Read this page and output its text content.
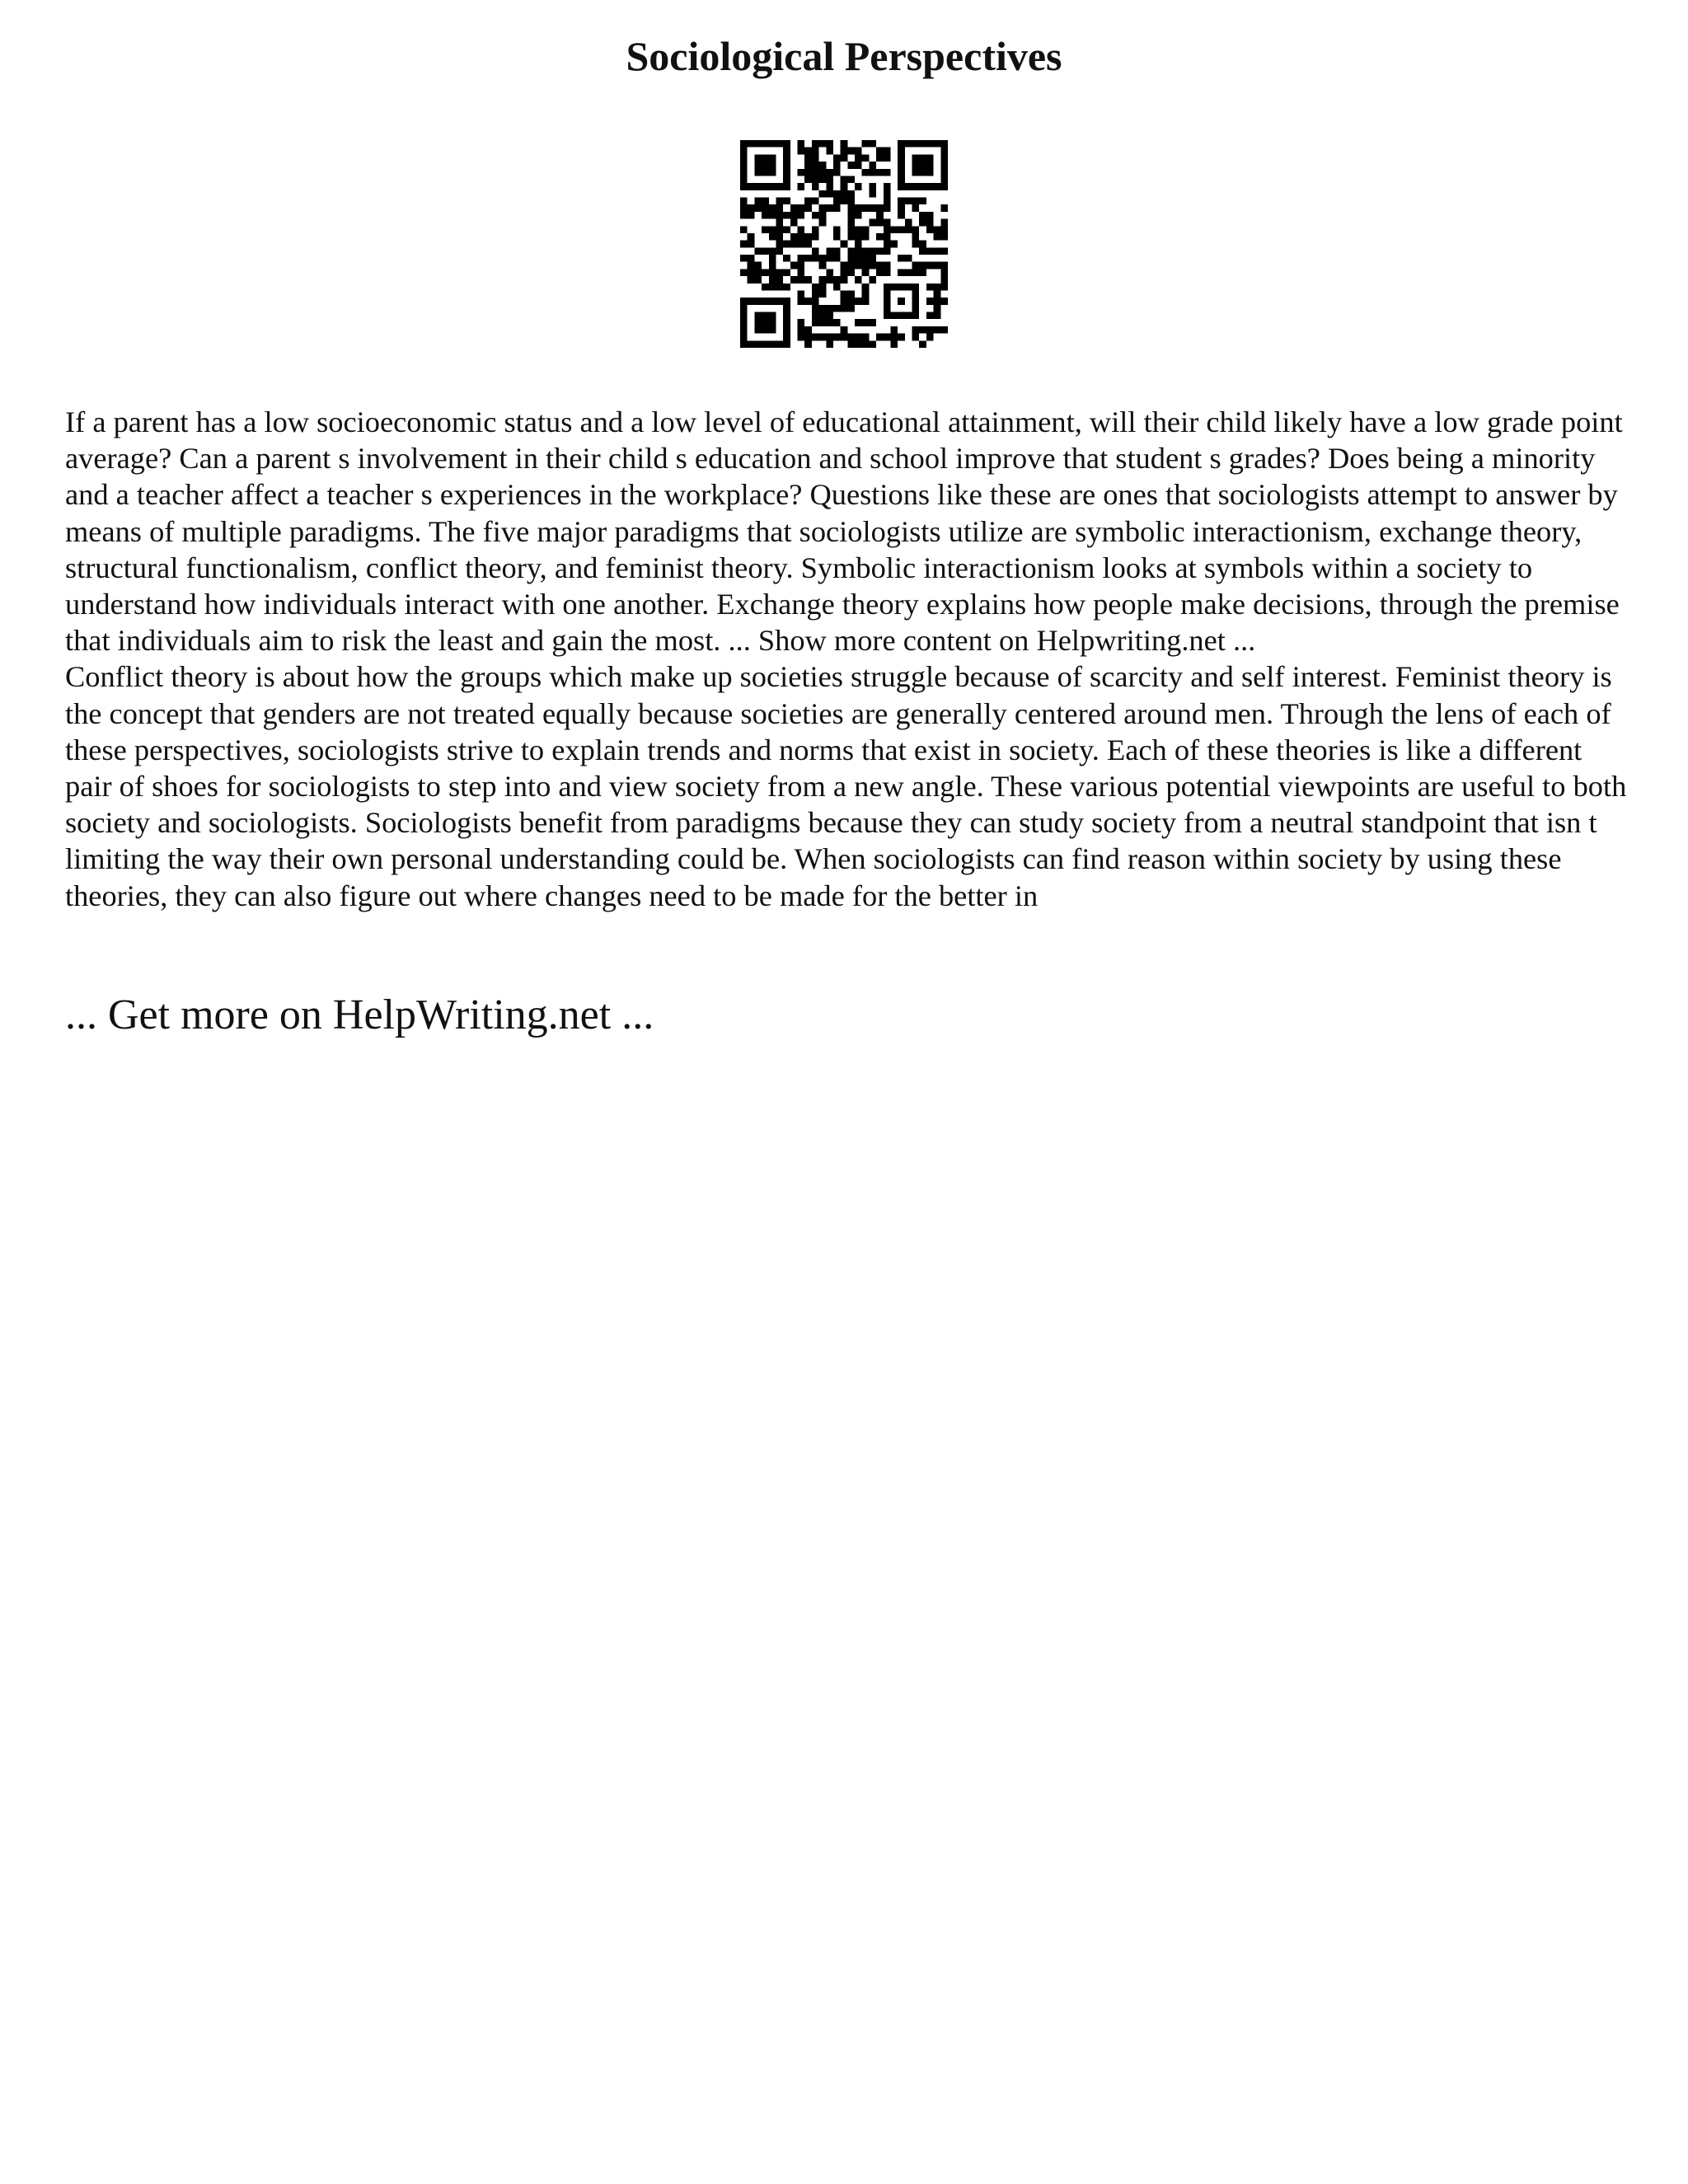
Sociological Perspectives

If a parent has a low socioeconomic status and a low level of educational attainment, will their child likely have a low grade point average? Can a parent s involvement in their child s education and school improve that student s grades? Does being a minority and a teacher affect a teacher s experiences in the workplace? Questions like these are ones that sociologists attempt to answer by means of multiple paradigms. The five major paradigms that sociologists utilize are symbolic interactionism, exchange theory, structural functionalism, conflict theory, and feminist theory. Symbolic interactionism looks at symbols within a society to understand how individuals interact with one another. Exchange theory explains how people make decisions, through the premise that individuals aim to risk the least and gain the most. ... Show more content on Helpwriting.net ...

Conflict theory is about how the groups which make up societies struggle because of scarcity and self interest. Feminist theory is the concept that genders are not treated equally because societies are generally centered around men. Through the lens of each of these perspectives, sociologists strive to explain trends and norms that exist in society. Each of these theories is like a different pair of shoes for sociologists to step into and view society from a new angle. These various potential viewpoints are useful to both society and sociologists. Sociologists benefit from paradigms because they can study society from a neutral standpoint that isn t limiting the way their own personal understanding could be. When sociologists can find reason within society by using these theories, they can also figure out where changes need to be made for the better in

... Get more on HelpWriting.net ...
